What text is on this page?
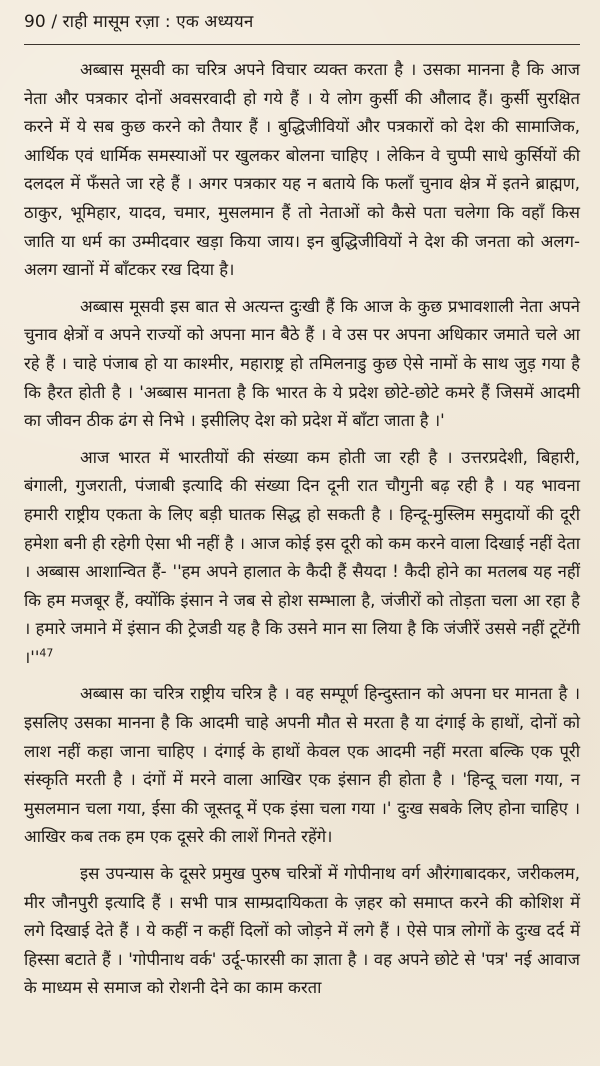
90 / राही मासूम रज़ा : एक अध्ययन

अब्बास मूसवी का चरित्र अपने विचार व्यक्त करता है । उसका मानना है कि आज नेता और पत्रकार दोनों अवसरवादी हो गये हैं । ये लोग कुर्सी की औलाद हैं। कुर्सी सुरक्षित करने में ये सब कुछ करने को तैयार हैं । बुद्धिजीवियों और पत्रकारों को देश की सामाजिक, आर्थिक एवं धार्मिक समस्याओं पर खुलकर बोलना चाहिए । लेकिन वे चुप्पी साधे कुर्सियों की दलदल में फँसते जा रहे हैं । अगर पत्रकार यह न बताये कि फलाँ चुनाव क्षेत्र में इतने ब्राह्मण, ठाकुर, भूमिहार, यादव, चमार, मुसलमान हैं तो नेताओं को कैसे पता चलेगा कि वहाँ किस जाति या धर्म का उम्मीदवार खड़ा किया जाय। इन बुद्धिजीवियों ने देश की जनता को अलग-अलग खानों में बाँटकर रख दिया है।

अब्बास मूसवी इस बात से अत्यन्त दुःखी हैं कि आज के कुछ प्रभावशाली नेता अपने चुनाव क्षेत्रों व अपने राज्यों को अपना मान बैठे हैं । वे उस पर अपना अधिकार जमाते चले आ रहे हैं । चाहे पंजाब हो या काश्मीर, महाराष्ट्र हो तमिलनाडु कुछ ऐसे नामों के साथ जुड़ गया है कि हैरत होती है । 'अब्बास मानता है कि भारत के ये प्रदेश छोटे-छोटे कमरे हैं जिसमें आदमी का जीवन ठीक ढंग से निभे । इसीलिए देश को प्रदेश में बाँटा जाता है ।'

आज भारत में भारतीयों की संख्या कम होती जा रही है । उत्तरप्रदेशी, बिहारी, बंगाली, गुजराती, पंजाबी इत्यादि की संख्या दिन दूनी रात चौगुनी बढ़ रही है । यह भावना हमारी राष्ट्रीय एकता के लिए बड़ी घातक सिद्ध हो सकती है । हिन्दू-मुस्लिम समुदायों की दूरी हमेशा बनी ही रहेगी ऐसा भी नहीं है । आज कोई इस दूरी को कम करने वाला दिखाई नहीं देता । अब्बास आशान्वित हैं- ''हम अपने हालात के कैदी हैं सैयदा ! कैदी होने का मतलब यह नहीं कि हम मजबूर हैं, क्योंकि इंसान ने जब से होश सम्भाला है, जंजीरों को तोड़ता चला आ रहा है । हमारे जमाने में इंसान की ट्रेजडी यह है कि उसने मान सा लिया है कि जंजीरें उससे नहीं टूटेंगी ।''$^{47}$

अब्बास का चरित्र राष्ट्रीय चरित्र है । वह सम्पूर्ण हिन्दुस्तान को अपना घर मानता है । इसलिए उसका मानना है कि आदमी चाहे अपनी मौत से मरता है या दंगाई के हाथों, दोनों को लाश नहीं कहा जाना चाहिए । दंगाई के हाथों केवल एक आदमी नहीं मरता बल्कि एक पूरी संस्कृति मरती है । दंगों में मरने वाला आखिर एक इंसान ही होता है । 'हिन्दू चला गया, न मुसलमान चला गया, ईसा की जूस्तदू में एक इंसा चला गया ।' दुःख सबके लिए होना चाहिए । आखिर कब तक हम एक दूसरे की लाशें गिनते रहेंगे।

इस उपन्यास के दूसरे प्रमुख पुरुष चरित्रों में गोपीनाथ वर्ग औरंगाबादकर, जरीकलम, मीर जौनपुरी इत्यादि हैं । सभी पात्र साम्प्रदायिकता के ज़हर को समाप्त करने की कोशिश में लगे दिखाई देते हैं । ये कहीं न कहीं दिलों को जोड़ने में लगे हैं । ऐसे पात्र लोगों के दुःख दर्द में हिस्सा बटाते हैं । 'गोपीनाथ वर्क' उर्दू-फारसी का ज्ञाता है । वह अपने छोटे से 'पत्र' नई आवाज के माध्यम से समाज को रोशनी देने का काम करता
